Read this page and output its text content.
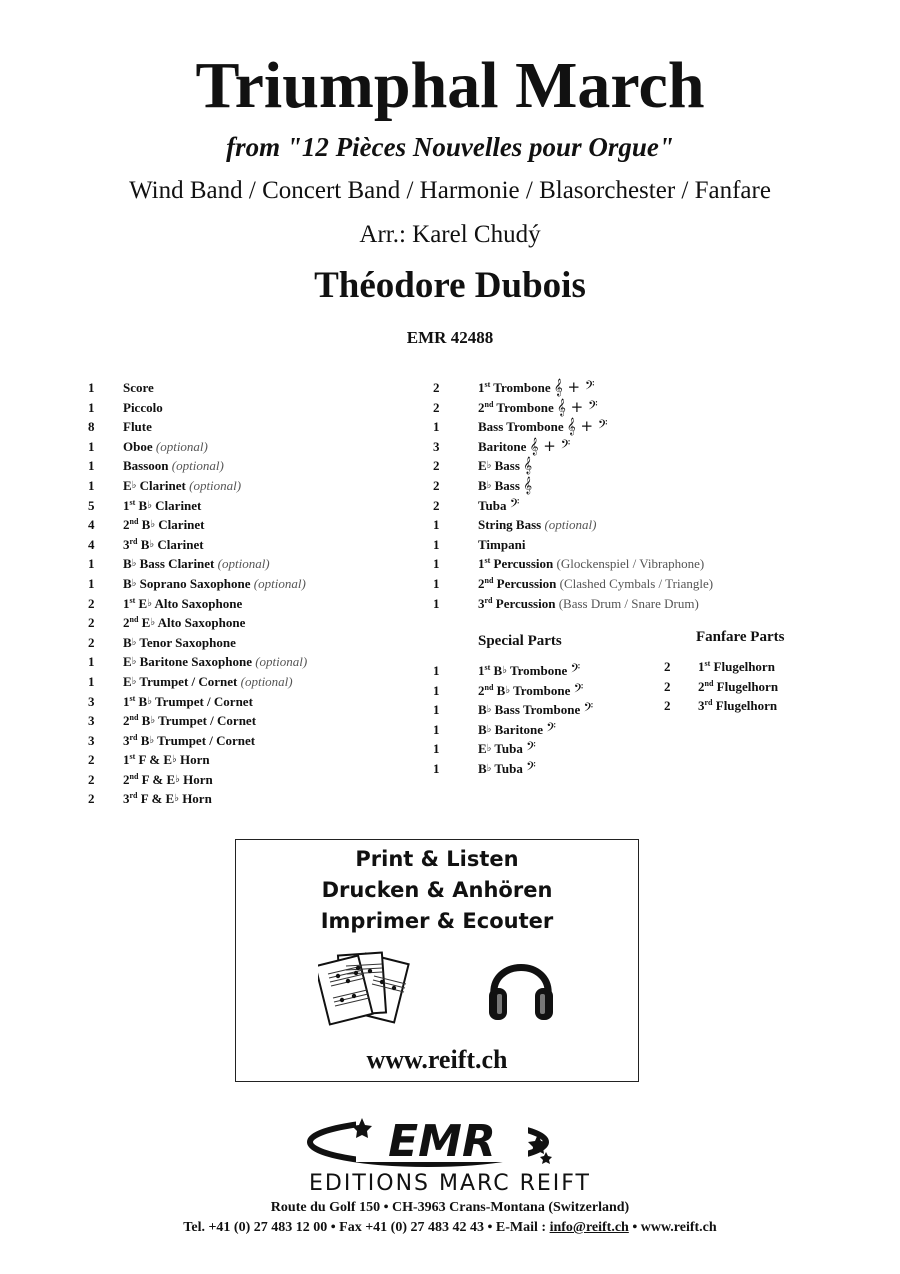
Triumphal March
from "12 Pièces Nouvelles pour Orgue"
Wind Band / Concert Band / Harmonie / Blasorchester / Fanfare
Arr.: Karel Chudý
Théodore Dubois
EMR 42488
1	Score
1	Piccolo
8	Flute
1	Oboe (optional)
1	Bassoon (optional)
1	E♭ Clarinet (optional)
5	1st B♭ Clarinet
4	2nd B♭ Clarinet
4	3rd B♭ Clarinet
1	B♭ Bass Clarinet (optional)
1	B♭ Soprano Saxophone (optional)
2	1st E♭ Alto Saxophone
2	2nd E♭ Alto Saxophone
2	B♭ Tenor Saxophone
1	E♭ Baritone Saxophone (optional)
1	E♭ Trumpet / Cornet (optional)
3	1st B♭ Trumpet / Cornet
3	2nd B♭ Trumpet / Cornet
3	3rd B♭ Trumpet / Cornet
2	1st F & E♭ Horn
2	2nd F & E♭ Horn
2	3rd F & E♭ Horn
2	1st Trombone 𝄞 + 𝄢
2	2nd Trombone 𝄞 + 𝄢
1	Bass Trombone 𝄞 + 𝄢
3	Baritone 𝄞 + 𝄢
2	E♭ Bass 𝄞
2	B♭ Bass 𝄞
2	Tuba 𝄢
1	String Bass (optional)
1	Timpani
1	1st Percussion (Glockenspiel / Vibraphone)
1	2nd Percussion (Clashed Cymbals / Triangle)
1	3rd Percussion (Bass Drum / Snare Drum)
Special Parts
1	1st B♭ Trombone 𝄢
1	2nd B♭ Trombone 𝄢
1	B♭ Bass Trombone 𝄢
1	B♭ Baritone 𝄢
1	E♭ Tuba 𝄢
1	B♭ Tuba 𝄢
Fanfare Parts
2	1st Flugelhorn
2	2nd Flugelhorn
2	3rd Flugelhorn
Print & Listen
Drucken & Anhören
Imprimer & Ecouter
www.reift.ch
EMR
EDITIONS MARC REIFT
Route du Golf 150 • CH-3963 Crans-Montana (Switzerland)
Tel. +41 (0) 27 483 12 00 • Fax +41 (0) 27 483 42 43 • E-Mail : info@reift.ch • www.reift.ch
